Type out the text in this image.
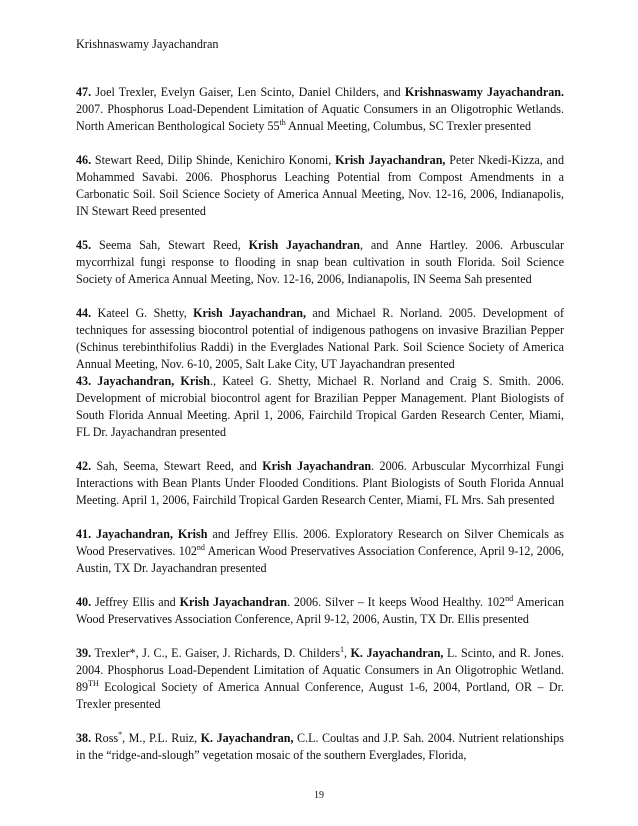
Krishnaswamy Jayachandran

47. Joel Trexler, Evelyn Gaiser, Len Scinto, Daniel Childers, and Krishnaswamy Jayachandran. 2007. Phosphorus Load-Dependent Limitation of Aquatic Consumers in an Oligotrophic Wetlands. North American Benthological Society 55th Annual Meeting, Columbus, SC Trexler presented

46. Stewart Reed, Dilip Shinde, Kenichiro Konomi, Krish Jayachandran, Peter Nkedi-Kizza, and Mohammed Savabi. 2006. Phosphorus Leaching Potential from Compost Amendments in a Carbonatic Soil. Soil Science Society of America Annual Meeting, Nov. 12-16, 2006, Indianapolis, IN Stewart Reed presented

45. Seema Sah, Stewart Reed, Krish Jayachandran, and Anne Hartley. 2006. Arbuscular mycorrhizal fungi response to flooding in snap bean cultivation in south Florida. Soil Science Society of America Annual Meeting, Nov. 12-16, 2006, Indianapolis, IN Seema Sah presented

44. Kateel G. Shetty, Krish Jayachandran, and Michael R. Norland. 2005. Development of techniques for assessing biocontrol potential of indigenous pathogens on invasive Brazilian Pepper (Schinus terebinthifolius Raddi) in the Everglades National Park. Soil Science Society of America Annual Meeting, Nov. 6-10, 2005, Salt Lake City, UT Jayachandran presented

43. Jayachandran, Krish., Kateel G. Shetty, Michael R. Norland and Craig S. Smith. 2006. Development of microbial biocontrol agent for Brazilian Pepper Management. Plant Biologists of South Florida Annual Meeting. April 1, 2006, Fairchild Tropical Garden Research Center, Miami, FL Dr. Jayachandran presented

42. Sah, Seema, Stewart Reed, and Krish Jayachandran. 2006. Arbuscular Mycorrhizal Fungi Interactions with Bean Plants Under Flooded Conditions. Plant Biologists of South Florida Annual Meeting. April 1, 2006, Fairchild Tropical Garden Research Center, Miami, FL Mrs. Sah presented

41. Jayachandran, Krish and Jeffrey Ellis. 2006. Exploratory Research on Silver Chemicals as Wood Preservatives. 102nd American Wood Preservatives Association Conference, April 9-12, 2006, Austin, TX Dr. Jayachandran presented

40. Jeffrey Ellis and Krish Jayachandran. 2006. Silver – It keeps Wood Healthy. 102nd American Wood Preservatives Association Conference, April 9-12, 2006, Austin, TX Dr. Ellis presented

39. Trexler*, J. C., E. Gaiser, J. Richards, D. Childers$^1$, K. Jayachandran, L. Scinto, and R. Jones. 2004. Phosphorus Load-Dependent Limitation of Aquatic Consumers in An Oligotrophic Wetland. 89TH Ecological Society of America Annual Conference, August 1-6, 2004, Portland, OR – Dr. Trexler presented

38. Ross*, M., P.L. Ruiz, K. Jayachandran, C.L. Coultas and J.P. Sah. 2004. Nutrient relationships in the “ridge-and-slough” vegetation mosaic of the southern Everglades, Florida,

19
